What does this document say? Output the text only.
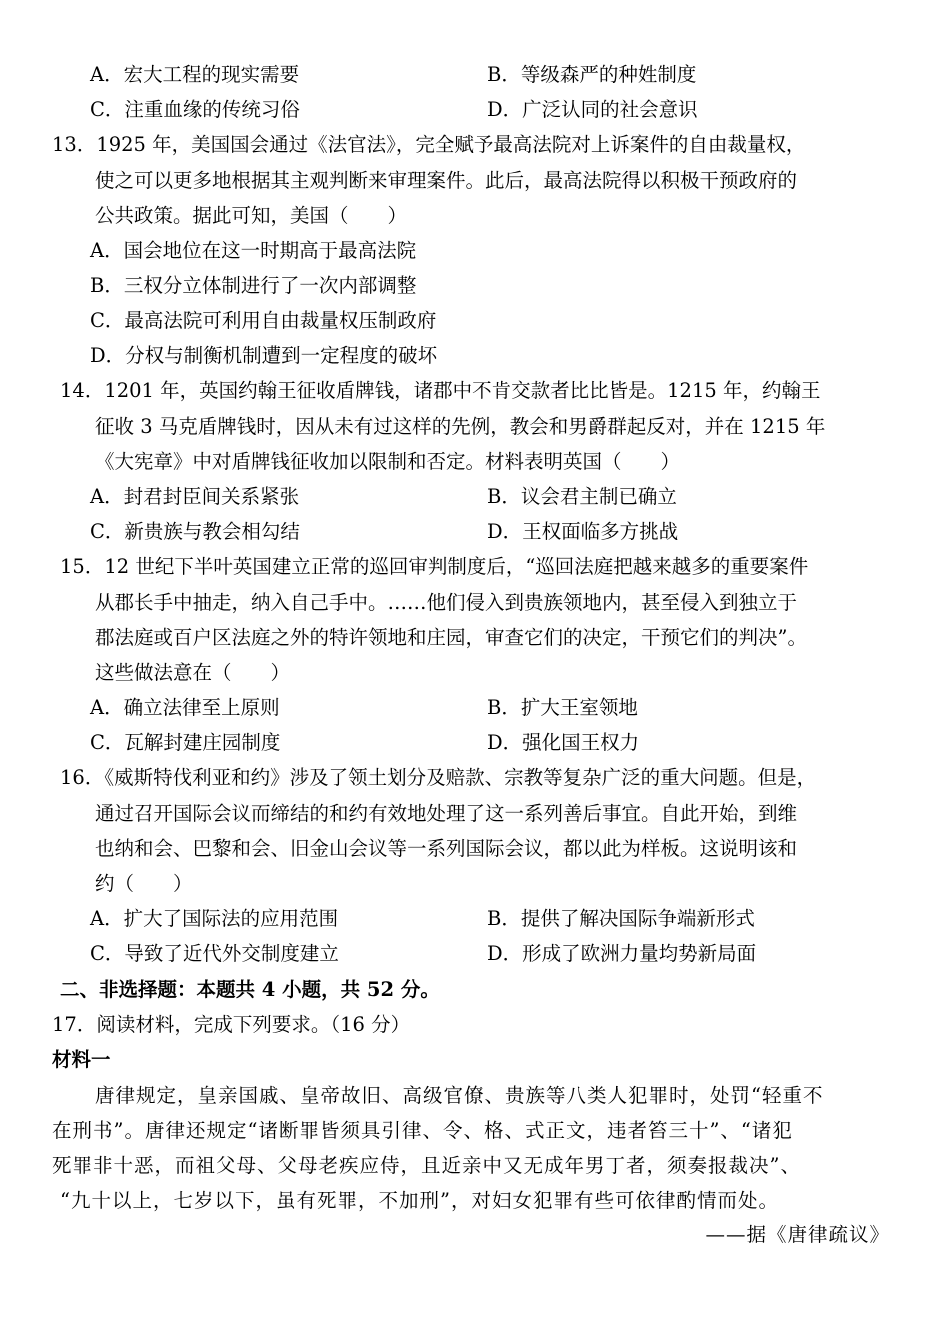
A．宏大工程的现实需要	B．等级森严的种姓制度
C．注重血缘的传统习俗	D．广泛认同的社会意识
13．1925 年，美国国会通过《法官法》，完全赋予最高法院对上诉案件的自由裁量权，
使之可以更多地根据其主观判断来审理案件。此后，最高法院得以积极干预政府的
公共政策。据此可知，美国（　　）
A．国会地位在这一时期高于最高法院
B．三权分立体制进行了一次内部调整
C．最高法院可利用自由裁量权压制政府
D．分权与制衡机制遭到一定程度的破坏
14．1201 年，英国约翰王征收盾牌钱，诸郡中不肯交款者比比皆是。1215 年，约翰王
征收 3 马克盾牌钱时，因从未有过这样的先例，教会和男爵群起反对，并在 1215 年
《大宪章》中对盾牌钱征收加以限制和否定。材料表明英国（　　）
A．封君封臣间关系紧张	B．议会君主制已确立
C．新贵族与教会相勾结	D．王权面临多方挑战
15．12 世纪下半叶英国建立正常的巡回审判制度后，“巡回法庭把越来越多的重要案件
从郡长手中抽走，纳入自己手中。……他们侵入到贵族领地内，甚至侵入到独立于
郡法庭或百户区法庭之外的特许领地和庄园，审查它们的决定，干预它们的判决”。
这些做法意在（　　）
A．确立法律至上原则	B．扩大王室领地
C．瓦解封建庄园制度	D．强化国王权力
16．《威斯特伐利亚和约》涉及了领土划分及赔款、宗教等复杂广泛的重大问题。但是，
通过召开国际会议而缔结的和约有效地处理了这一系列善后事宜。自此开始，到维
也纳和会、巴黎和会、旧金山会议等一系列国际会议，都以此为样板。这说明该和
约（　　）
A．扩大了国际法的应用范围	B．提供了解决国际争端新形式
C．导致了近代外交制度建立	D．形成了欧洲力量均势新局面
二、非选择题：本题共 4 小题，共 52 分。
17．阅读材料，完成下列要求。（16 分）
材料一
唐律规定，皇亲国戚、皇帝故旧、高级官僚、贵族等八类人犯罪时，处罚“轻重不
在刑书”。唐律还规定“诸断罪皆须具引律、令、格、式正文，违者笞三十”、“诸犯
死罪非十恶，而祖父母、父母老疾应侍，且近亲中又无成年男丁者，须奏报裁决”、
“九十以上，七岁以下，虽有死罪，不加刑”，对妇女犯罪有些可依律酌情而处。
——据《唐律疏议》
